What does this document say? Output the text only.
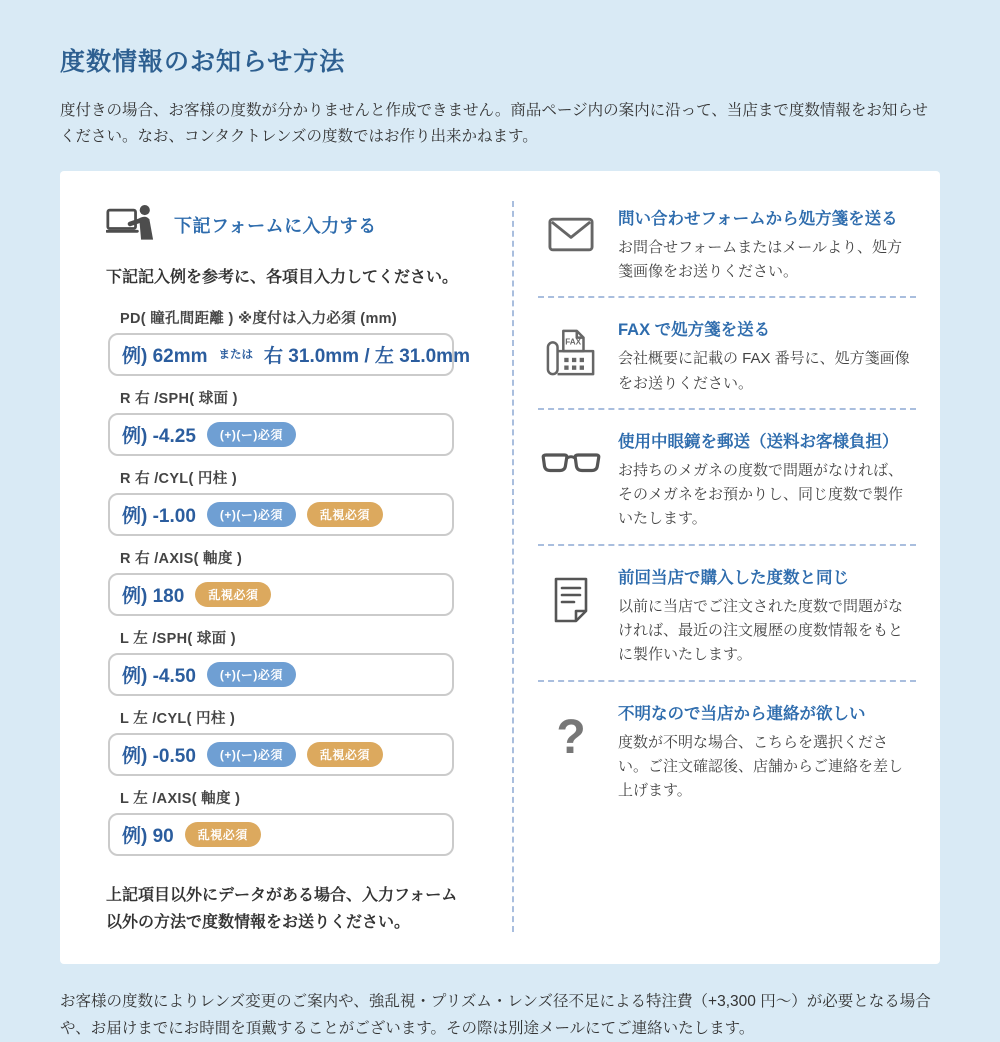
度数情報のお知らせ方法

度付きの場合、お客様の度数が分かりませんと作成できません。商品ページ内の案内に沿って、当店まで度数情報をお知らせください。なお、コンタクトレンズの度数ではお作り出来かねます。

下記フォームに入力する

下記記入例を参考に、各項目入力してください。

PD( 瞳孔間距離 ) ※度付は入力必須 (mm)
例) 62mm または 右 31.0mm / 左 31.0mm
R 右 /SPH( 球面 )
例) -4.25	(+)(ー)必須
R 右 /CYL( 円柱 )
例) -1.00	(+)(ー)必須	乱視必須
R 右 /AXIS( 軸度 )
例) 180	乱視必須
L 左 /SPH( 球面 )
例) -4.50	(+)(ー)必須
L 左 /CYL( 円柱 )
例) -0.50	(+)(ー)必須	乱視必須
L 左 /AXIS( 軸度 )
例) 90	乱視必須

上記項目以外にデータがある場合、入力フォーム以外の方法で度数情報をお送りください。

問い合わせフォームから処方箋を送る

お問合せフォームまたはメールより、処方箋画像をお送りください。

FAX

FAX で処方箋を送る

会社概要に記載の FAX 番号に、処方箋画像をお送りください。

使用中眼鏡を郵送（送料お客様負担）

お持ちのメガネの度数で問題がなければ、そのメガネをお預かりし、同じ度数で製作いたします。

前回当店で購入した度数と同じ

以前に当店でご注文された度数で問題がなければ、最近の注文履歴の度数情報をもとに製作いたします。

? 不明なので当店から連絡が欲しい

度数が不明な場合、こちらを選択ください。ご注文確認後、店舗からご連絡を差し上げます。

お客様の度数によりレンズ変更のご案内や、強乱視・プリズム・レンズ径不足による特注費（+3,300 円〜）が必要となる場合や、お届けまでにお時間を頂戴することがございます。その際は別途メールにてご連絡いたします。
